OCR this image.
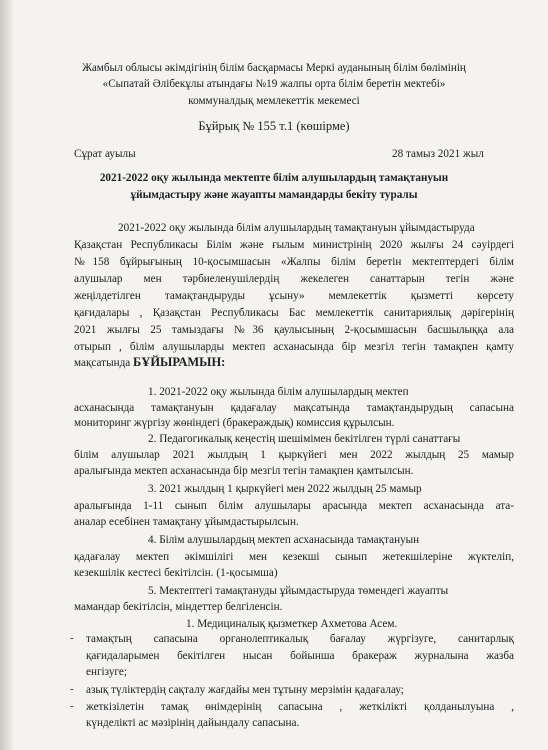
Жамбыл облысы әкімдігінің білім басқармасы Меркі ауданының білім бөлімінің
«Сыпатай Әлібекұлы атындағы №19 жалпы орта білім беретін мектебі»
коммуналдық мемлекеттік мекемесі
Бұйрық № 155 т.1 (көшірме)
Сұрат ауылы	28 тамыз 2021 жыл
2021-2022 оқу жылында мектепте білім алушылардың тамақтануын
ұйымдастыру және жауапты мамандарды бекіту туралы
2021-2022 оқу жылында білім алушылардың тамақтануын ұйымдастыруда
Қазақстан Республикасы Білім және ғылым министрінің 2020 жылғы 24 сәуірдегі
№158 бұйрығының 10-қосымшасын «Жалпы білім беретін мектептердегі білім
алушылар мен тәрбиеленушілердің жекелеген санаттарын тегін және
жеңілдетілген тамақтандыруды ұсыну» мемлекеттік қызметті көрсету
қағидалары , Қазақстан Республикасы Бас мемлекеттік санитариялық дәрігерінің
2021 жылғы 25 тамыздағы №36 қаулысының 2-қосымшасын басшылыққа ала
отырып , білім алушыларды мектеп асханасында бір мезгіл тегін тамақпен қамту
мақсатында БҰЙЫРАМЫН:
1. 2021-2022 оқу жылында білім алушылардың мектеп
асханасында тамақтануын қадағалау мақсатында тамақтандырудың сапасына
мониторинг жүргізу жөніндегі (бракераждық) комиссия құрылсын.
2. Педагогикалық кеңестің шешімімен бекітілген түрлі санаттағы
білім алушылар 2021 жылдың 1 қыркүйегі мен 2022 жылдың 25 мамыр
аралығында мектеп асханасында бір мезгіл тегін тамақпен қамтылсын.
3. 2021 жылдың 1 қыркүйегі мен 2022 жылдың 25 мамыр
аралығында 1-11 сынып білім алушылары арасында мектеп асханасында ата-
аналар есебінен тамақтану ұйымдастырылсын.
4. Білім алушылардың мектеп асханасында тамақтануын
қадағалау мектеп әкімшілігі мен кезекші сынып жетекшілеріне жүктеліп,
кезекшілік кестесі бекітілсін. (1-қосымша)
5. Мектептегі тамақтануды ұйымдастыруда төмендегі жауапты
мамандар бекітілсін, міндеттер белгіленсін.
1. Медициналық қызметкер Ахметова Асем.
- тамақтың сапасына органолептикалық бағалау жүргізуге, санитарлық
қағидаларымен бекітілген нысан бойынша бракераж журналына жазба
енгізуге;
- азық түліктердің сақталу жағдайы мен тұтыну мерзімін қадағалау;
- жеткізілетін тамақ өнімдерінің сапасына , жеткілікті қолданылуына ,
күнделікті ас мәзірінің дайындалу сапасына.
